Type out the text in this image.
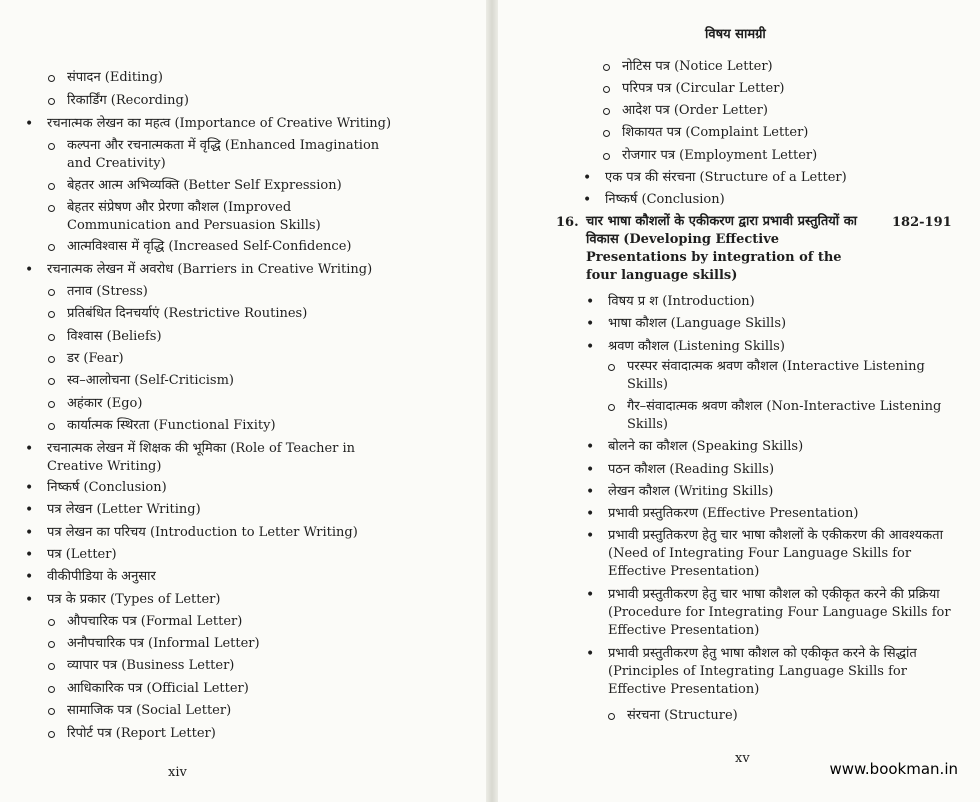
संपादन (Editing)
रिकार्डिंग (Recording)
• रचनात्मक लेखन का महत्व (Importance of Creative Writing)
कल्पना और रचनात्मकता में वृद्धि (Enhanced Imagination and Creativity)
बेहतर आत्म अभिव्यक्ति (Better Self Expression)
बेहतर संप्रेषण और प्रेरणा कौशल (Improved Communication and Persuasion Skills)
आत्मविश्वास में वृद्धि (Increased Self-Confidence)
• रचनात्मक लेखन में अवरोध (Barriers in Creative Writing)
तनाव (Stress)
प्रतिबंधित दिनचर्याएं (Restrictive Routines)
विश्वास (Beliefs)
डर (Fear)
स्व–आलोचना (Self-Criticism)
अहंकार (Ego)
कार्यात्मक स्थिरता (Functional Fixity)
• रचनात्मक लेखन में शिक्षक की भूमिका (Role of Teacher in Creative Writing)
• निष्कर्ष (Conclusion)
• पत्र लेखन (Letter Writing)
• पत्र लेखन का परिचय (Introduction to Letter Writing)
• पत्र (Letter)
• वीकीपीडिया के अनुसार
• पत्र के प्रकार (Types of Letter)
औपचारिक पत्र (Formal Letter)
अनौपचारिक पत्र (Informal Letter)
व्यापार पत्र (Business Letter)
आधिकारिक पत्र (Official Letter)
सामाजिक पत्र (Social Letter)
रिपोर्ट पत्र (Report Letter)
xiv
विषय सामग्री
नोटिस पत्र (Notice Letter)
परिपत्र पत्र (Circular Letter)
आदेश पत्र (Order Letter)
शिकायत पत्र (Complaint Letter)
रोजगार पत्र (Employment Letter)
• एक पत्र की संरचना (Structure of a Letter)
• निष्कर्ष (Conclusion)
16. चार भाषा कौशलों के एकीकरण द्वारा प्रभावी प्रस्तुतियों का विकास (Developing Effective Presentations by integration of the four language skills)
182-191
• विषय प्र श (Introduction)
• भाषा कौशल (Language Skills)
• श्रवण कौशल (Listening Skills)
परस्पर संवादात्मक श्रवण कौशल (Interactive Listening Skills)
गैर–संवादात्मक श्रवण कौशल (Non-Interactive Listening Skills)
• बोलने का कौशल (Speaking Skills)
• पठन कौशल (Reading Skills)
• लेखन कौशल (Writing Skills)
• प्रभावी प्रस्तुतिकरण (Effective Presentation)
• प्रभावी प्रस्तुतिकरण हेतु चार भाषा कौशलों के एकीकरण की आवश्यकता (Need of Integrating Four Language Skills for Effective Presentation)
• प्रभावी प्रस्तुतीकरण हेतु चार भाषा कौशल को एकीकृत करने की प्रक्रिया (Procedure for Integrating Four Language Skills for Effective Presentation)
• प्रभावी प्रस्तुतीकरण हेतु भाषा कौशल को एकीकृत करने के सिद्धांत (Principles of Integrating Language Skills for Effective Presentation)
संरचना (Structure)
xv
www.bookman.in
